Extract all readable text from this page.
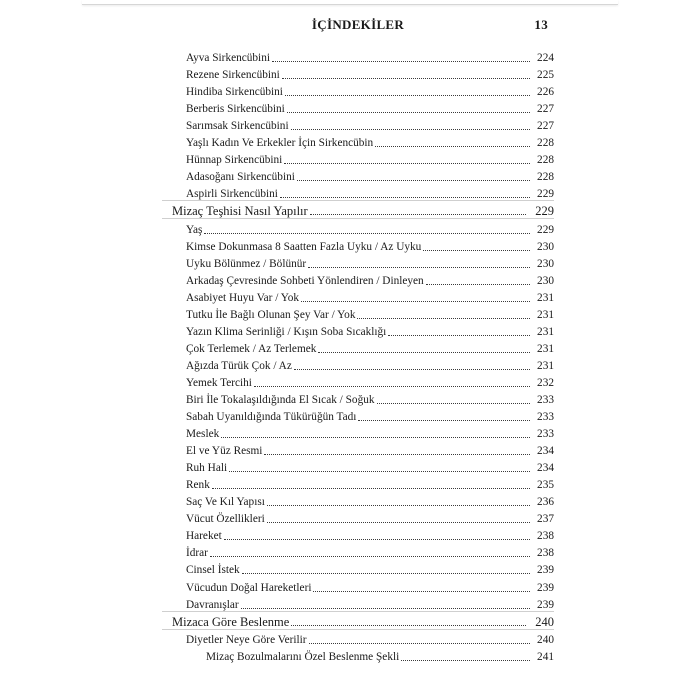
İÇİNDEKİLER	13
Ayva Sirkencübini	224
Rezene Sirkencübini	225
Hindiba Sirkencübini	226
Berberis Sirkencübini	227
Sarımsak Sirkencübini	227
Yaşlı Kadın Ve Erkekler İçin Sirkencübin	228
Hünnap Sirkencübini	228
Adasoğanı Sirkencübini	228
Aspirli Sirkencübini	229
Mizaç Teşhisi Nasıl Yapılır	229
Yaş	229
Kimse Dokunmasa 8 Saatten Fazla Uyku / Az Uyku	230
Uyku Bölünmez / Bölünür	230
Arkadaş Çevresinde Sohbeti Yönlendiren / Dinleyen	230
Asabiyet Huyu Var / Yok	231
Tutku İle Bağlı Olunan Şey Var / Yok	231
Yazın Klima Serinliği / Kışın Soba Sıcaklığı	231
Çok Terlemek / Az Terlemek	231
Ağızda Türük Çok / Az	231
Yemek Tercihi	232
Biri İle Tokalaşıldığında El Sıcak / Soğuk	233
Sabah Uyanıldığında Tükürüğün Tadı	233
Meslek	233
El ve Yüz Resmi	234
Ruh Hali	234
Renk	235
Saç Ve Kıl Yapısı	236
Vücut Özellikleri	237
Hareket	238
İdrar	238
Cinsel İstek	239
Vücudun Doğal Hareketleri	239
Davranışlar	239
Mizaca Göre Beslenme	240
Diyetler Neye Göre Verilir	240
Mizaç Bozulmalarını Özel Beslenme Şekli	241
